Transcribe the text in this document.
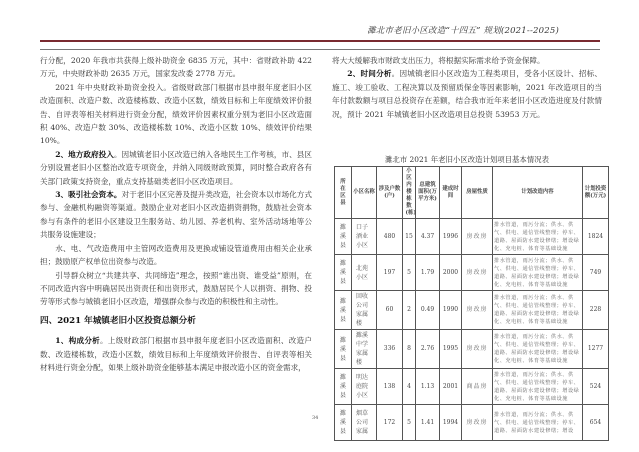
濉北市老旧小区改造“十四五” 规划(2021--2025)

行分配，2020 年我市共获得上级补助资金 6835 万元，其中：省财政补助 422 万元，中央财政补助 2635 万元，国家发改委 2778 万元。

2021 年中央财政补助资金投入。省级财政部门根据市县申报年度老旧小区改造面积、改造户数、改造楼栋数、改造小区数，绩效目标和上年度绩效评价报告、自评表等相关材料进行资金分配，绩效评价因素权重分别为老旧小区改造面积 40%、改造户数 30%、改造楼栋数 10%、改造小区数 10%、绩效评价结果 10%。

2、地方政府投入。因城镇老旧小区改造已纳入各地民生工作考核，市、县区分别设置老旧小区整治改造专项资金，并纳入同级财政预算，同时整合政府各有关部门政策支持资金，重点支持基础类老旧小区改造项目。

3、吸引社会资本。对于老旧小区完善及提升类改造，社会资本以市场化方式参与、金融机构融资等渠道。鼓励企业对老旧小区改造捐资捐物，鼓励社会资本参与有条件的老旧小区建设卫生服务站、幼儿园、养老机构、室外活动场地等公共服务设施建设；

水、电、气改造费用中主管网改造费用及更换或铺设管道费用由相关企业承担；鼓励原产权单位出资参与改造。

引导群众树立“共建共享、共同缔造”理念，按照“谁出资、谁受益”原则，在不同改造内容中明确居民出资责任和出资形式，鼓励居民个人以捐资、捐物、投劳等形式参与城镇老旧小区改造，增强群众参与改造的积极性和主动性。

四、2021 年城镇老旧小区投资总额分析

1、构成分析。上级财政部门根据市县申报年度老旧小区改造面积、改造户数、改造楼栋数，改造小区数，绩效目标和上年度绩效评价报告、自评表等相关材料进行资金分配，如果上级补助资金能够基本满足申报改造小区的资金需求，

将大大缓解我市财政支出压力，将根据实际需求给予资金保障。

2、时间分析。因城镇老旧小区改造为工程类项目，受各小区设计、招标、施工、竣工验收、工程决算以及预留质保金等因素影响，2021 年改造项目的当年付款数额与项目总投资存在差额，结合我市近年来老旧小区改造进度及付款情况，预计 2021 年城镇老旧小区改造项目总投资 53953 万元。

濉北市 2021 年老旧小区改造计划项目基本情况表
所在区县	小区名称	涉及户数(户)	小区内楼栋数(栋)	总建筑面积(万平方米)	建成时间	房屋性质	计划改造内容	计划投资额(万元)
濉溪县	口子酒业小区	480	15	4.37	1996	房改房	排水管道，雨污分流；供水、供气、供电、通信管线整理；停车、道路、屋面防水建设修缮；增设绿化、充电桩、体育等基础设施	1824
濉溪县	北苑小区	197	5	1.79	2000	房改房	排水管道，雨污分流；供水、供气、供电、通信管线整理；停车、道路、屋面防水建设修缮；增设绿化、充电桩、体育等基础设施	749
濉溪县	回收公司家属楼	60	2	0.49	1990	房改房	排水管道，雨污分流；供水、供气、供电、通信管线整理；停车、道路、屋面防水建设修缮；增设绿化、充电桩、体育等基础设施	228
濉溪县	濉溪中学家属楼	336	8	2.76	1995	房改房	排水管道，雨污分流；供水、供气、供电、通信管线整理；停车、道路、屋面防水建设修缮；增设绿化、充电桩、体育等基础设施	1277
濉溪县	明达庭院小区	138	4	1.13	2001	商品房	排水管道，雨污分流；供水、供气、供电、通信管线整理；停车、道路、屋面防水建设修缮；增设绿化、充电桩、体育等基础设施	524
濉溪县	烟草公司家属	172	5	1.41	1994	房改房	排水管道，雨污分流；供水、供气、供电、通信管线整理；停车、道路、屋面防水建设修缮；增设	654
34
